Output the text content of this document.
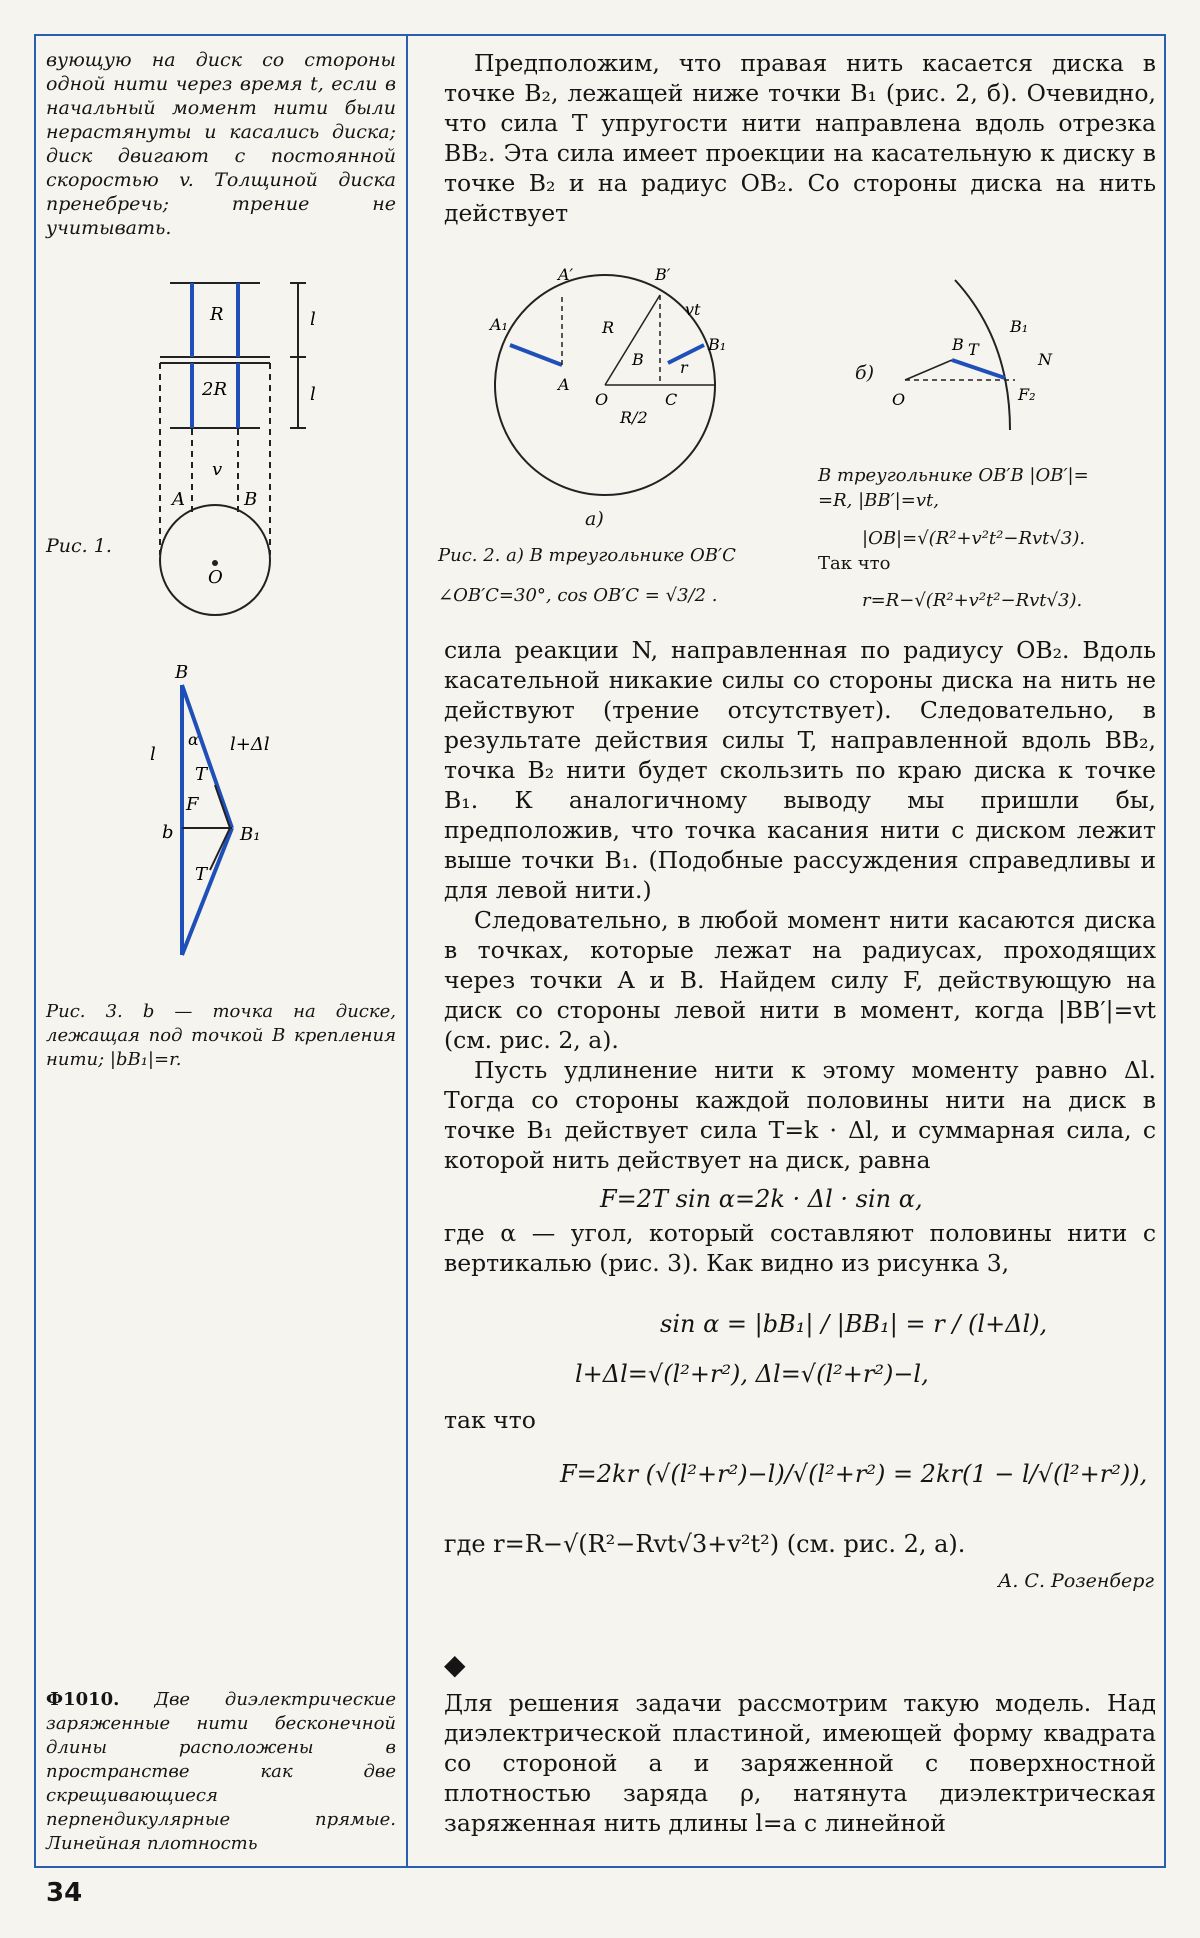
вующую на диск со стороны одной нити через время t, если в начальный момент нити были нерастянуты и касались диска; диск двигают с постоянной скоростью v. Толщиной диска пренебречь; трение не учитывать.
R
2R
l
l
v
A	B
O
Рис. 1.
B
α
l	l+Δl
T
F
b	B₁
T
Рис. 3. b — точка на диске, лежащая под точкой B крепления нити; |bB₁|=r.
Ф1010. Две диэлектрические заряженные нити бесконечной длины расположены в пространстве как две скрещивающиеся перпендикулярные прямые. Линейная плотность

Предположим, что правая нить касается диска в точке B₂, лежащей ниже точки B₁ (рис. 2, б). Очевидно, что сила T упругости нити направлена вдоль отрезка BB₂. Эта сила имеет проекции на касательную к диску в точке B₂ и на радиус OB₂. Со стороны диска на нить действует

A′	B′
A₁
A
R
B
vt
B₁
r
O	C
R/2
а)
Рис. 2. а) В треугольнике OB′C
∠OB′C=30°, cos OB′C = √3/2 .
O
B T
B₁
N
F₂
б)
В треугольнике OB′B |OB′|=
=R, |BB′|=vt,
|OB|=√(R²+v²t²−Rvt√3).
Так что
r=R−√(R²+v²t²−Rvt√3).

сила реакции N, направленная по радиусу OB₂. Вдоль касательной никакие силы со стороны диска на нить не действуют (трение отсутствует). Следовательно, в результате действия силы T, направленной вдоль BB₂, точка B₂ нити будет скользить по краю диска к точке B₁. К аналогичному выводу мы пришли бы, предположив, что точка касания нити с диском лежит выше точки B₁. (Подобные рассуждения справедливы и для левой нити.)

Следовательно, в любой момент нити касаются диска в точках, которые лежат на радиусах, проходящих через точки A и B. Найдем силу F, действующую на диск со стороны левой нити в момент, когда |BB′|=vt (см. рис. 2, a).

Пусть удлинение нити к этому моменту равно Δl. Тогда со стороны каждой половины нити на диск в точке B₁ действует сила T=k · Δl, и суммарная сила, с которой нить действует на диск, равна

F=2T sin α=2k · Δl · sin α,

где α — угол, который составляют половины нити с вертикалью (рис. 3). Как видно из рисунка 3,

sin α = |bB₁| / |BB₁| = r / (l+Δl),
l+Δl=√(l²+r²), Δl=√(l²+r²)−l,

так что

F=2kr (√(l²+r²)−l)/√(l²+r²) = 2kr(1 − l/√(l²+r²)),
где r=R−√(R²−Rvt√3+v²t²) (см. рис. 2, a).
А. С. Розенберг
◆

Для решения задачи рассмотрим такую модель. Над диэлектрической пластиной, имеющей форму квадрата со стороной a и заряженной с поверхностной плотностью заряда ρ, натянута диэлектрическая заряженная нить длины l=a с линейной

34
